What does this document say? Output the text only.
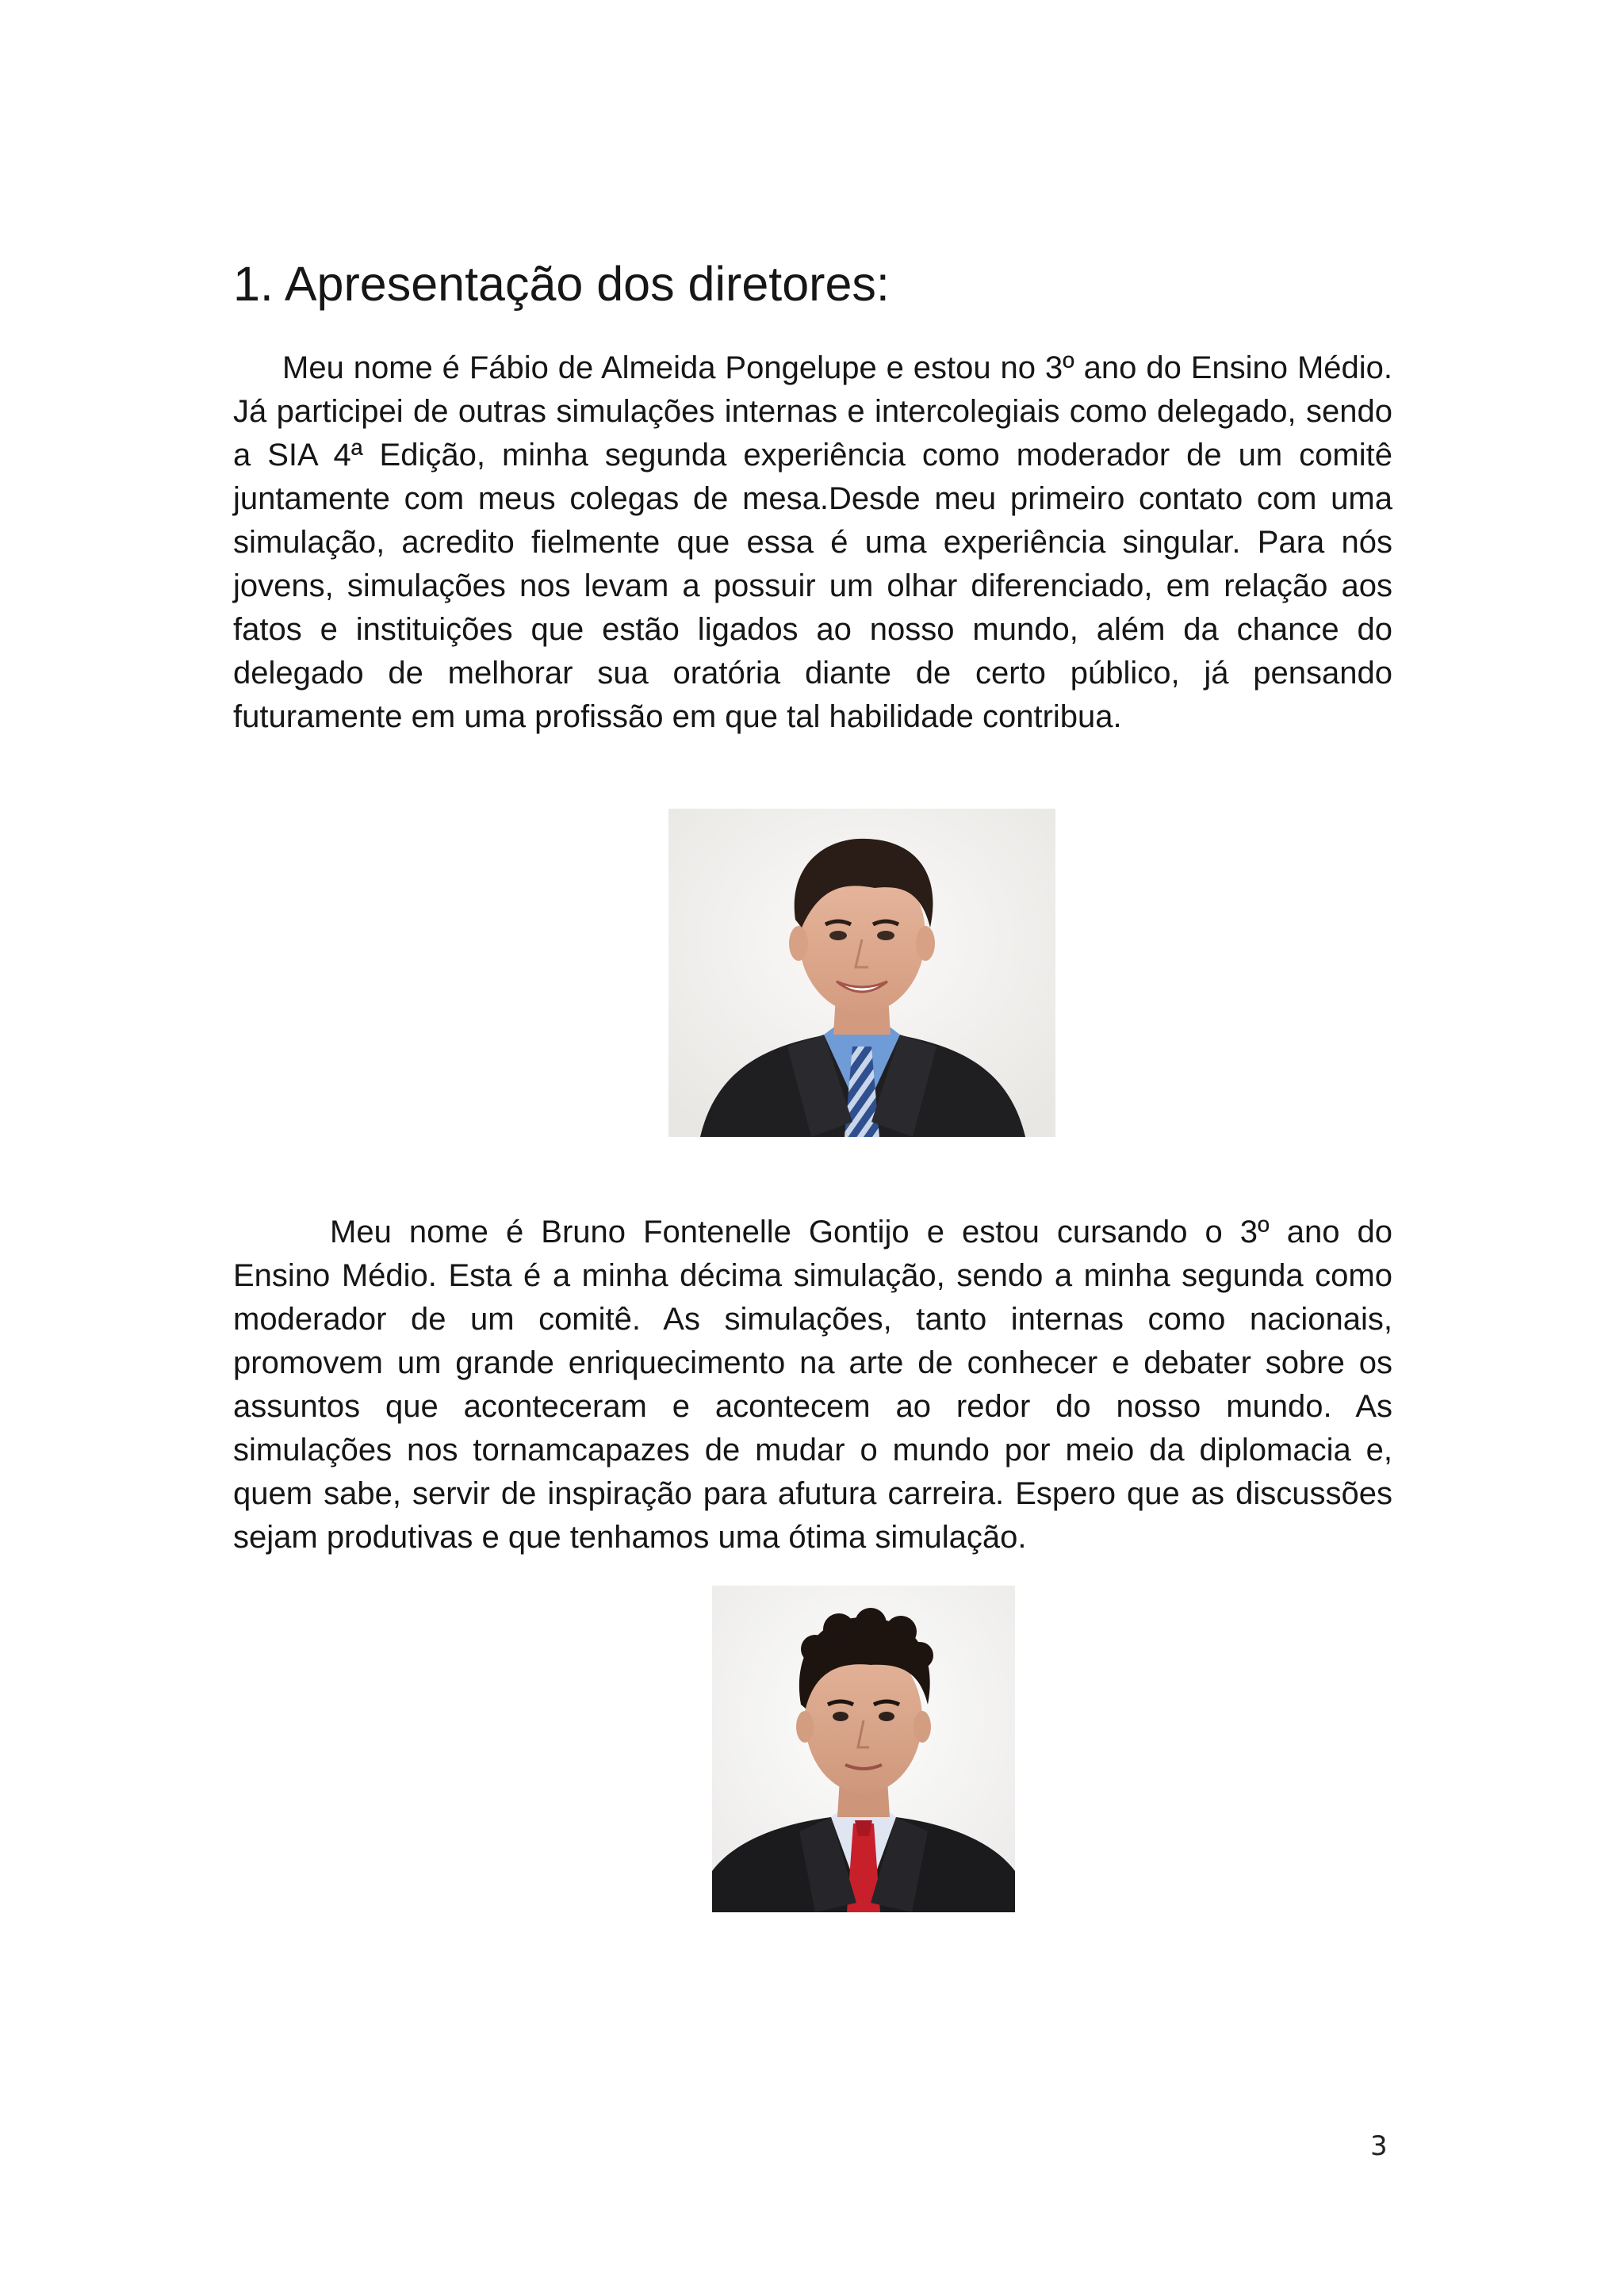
1. Apresentação dos diretores:

Meu nome é Fábio de Almeida Pongelupe e estou no 3º ano do Ensino Médio. Já participei de outras simulações internas e intercolegiais como delegado, sendo a SIA 4ª Edição, minha segunda experiência como moderador de um comitê juntamente com meus colegas de mesa.Desde meu primeiro contato com uma simulação, acredito fielmente que essa é uma experiência singular. Para nós jovens, simulações nos levam a possuir um olhar diferenciado, em relação aos fatos e instituições que estão ligados ao nosso mundo, além da chance do delegado de melhorar sua oratória diante de certo público, já pensando futuramente em uma profissão em que tal habilidade contribua.

Meu nome é Bruno Fontenelle Gontijo e estou cursando o 3º ano do Ensino Médio. Esta é a minha décima simulação, sendo a minha segunda como moderador de um comitê. As simulações, tanto internas como nacionais, promovem um grande enriquecimento na arte de conhecer e debater sobre os assuntos que aconteceram e acontecem ao redor do nosso mundo. As simulações nos tornamcapazes de mudar o mundo por meio da diplomacia e, quem sabe, servir de inspiração para afutura carreira. Espero que as discussões sejam produtivas e que tenhamos uma ótima simulação.

3
